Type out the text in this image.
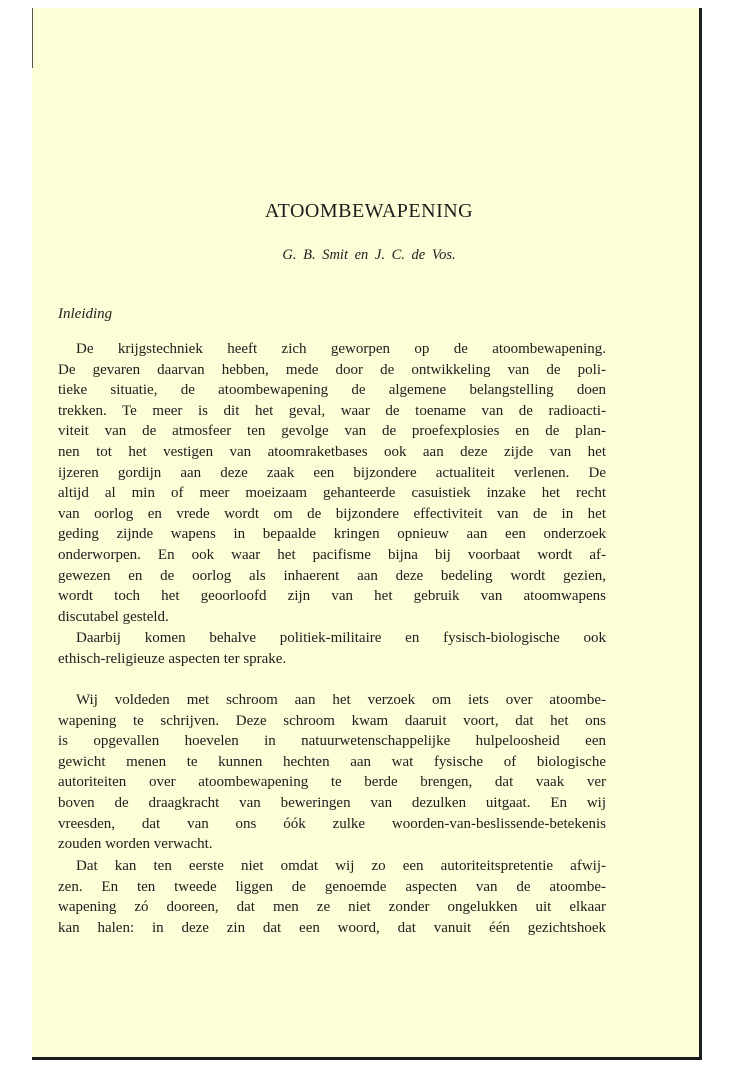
ATOOMBEWAPENING
G. B. Smit en J. C. de Vos.
Inleiding
De krijgstechniek heeft zich geworpen op de atoombewapening.
De gevaren daarvan hebben, mede door de ontwikkeling van de poli-
tieke situatie, de atoombewapening de algemene belangstelling doen
trekken. Te meer is dit het geval, waar de toename van de radioacti-
viteit van de atmosfeer ten gevolge van de proefexplosies en de plan-
nen tot het vestigen van atoomraketbases ook aan deze zijde van het
ijzeren gordijn aan deze zaak een bijzondere actualiteit verlenen. De
altijd al min of meer moeizaam gehanteerde casuistiek inzake het recht
van oorlog en vrede wordt om de bijzondere effectiviteit van de in het
geding zijnde wapens in bepaalde kringen opnieuw aan een onderzoek
onderworpen. En ook waar het pacifisme bijna bij voorbaat wordt af-
gewezen en de oorlog als inhaerent aan deze bedeling wordt gezien,
wordt toch het geoorloofd zijn van het gebruik van atoomwapens
discutabel gesteld.
Daarbij komen behalve politiek-militaire en fysisch-biologische ook
ethisch-religieuze aspecten ter sprake.
Wij voldeden met schroom aan het verzoek om iets over atoombe-
wapening te schrijven. Deze schroom kwam daaruit voort, dat het ons
is opgevallen hoevelen in natuurwetenschappelijke hulpeloosheid een
gewicht menen te kunnen hechten aan wat fysische of biologische
autoriteiten over atoombewapening te berde brengen, dat vaak ver
boven de draagkracht van beweringen van dezulken uitgaat. En wij
vreesden, dat van ons óók zulke woorden-van-beslissende-betekenis
zouden worden verwacht.
Dat kan ten eerste niet omdat wij zo een autoriteitspretentie afwij-
zen. En ten tweede liggen de genoemde aspecten van de atoombe-
wapening zó dooreen, dat men ze niet zonder ongelukken uit elkaar
kan halen: in deze zin dat een woord, dat vanuit één gezichtshoek
